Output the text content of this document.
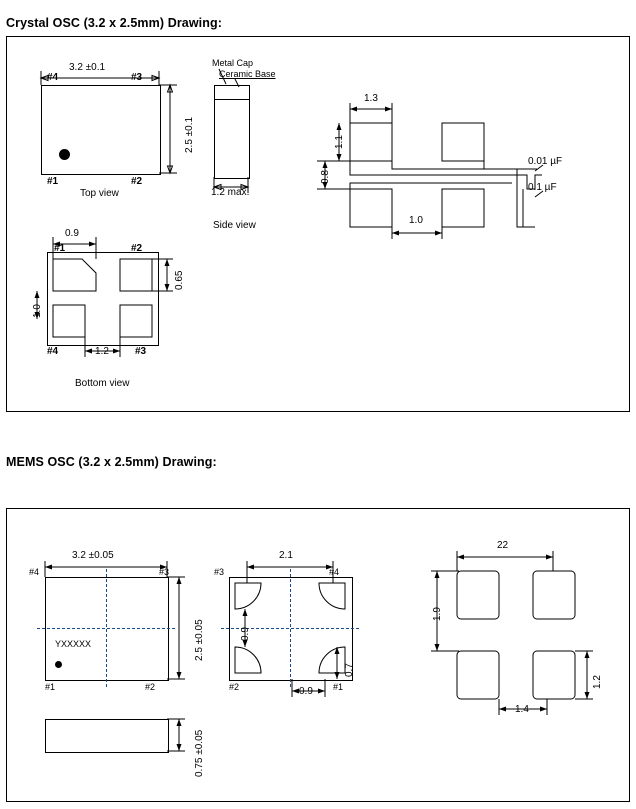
Crystal OSC (3.2 x 2.5mm) Drawing:
MEMS OSC (3.2 x 2.5mm) Drawing:
3.2 ±0.1
2.5 ±0.1
#4	#3
#1	#2
Top view
Metal Cap
Ceramic Base
1.2 max.
Side view
1.3
1.1
0.8
1.0
0.01 µF
0.1 µF
0.9
0.65
1.0
1.2
#1	#2
#4	#3
Bottom view
YXXXXX
3.2 ±0.05
2.5 ±0.05
#4	#3
#1	#2
0.75 ±0.05
2.1
0.9
0.7
0.9
#3	#4
#2	#1
22
1.9
1.2
1.4
